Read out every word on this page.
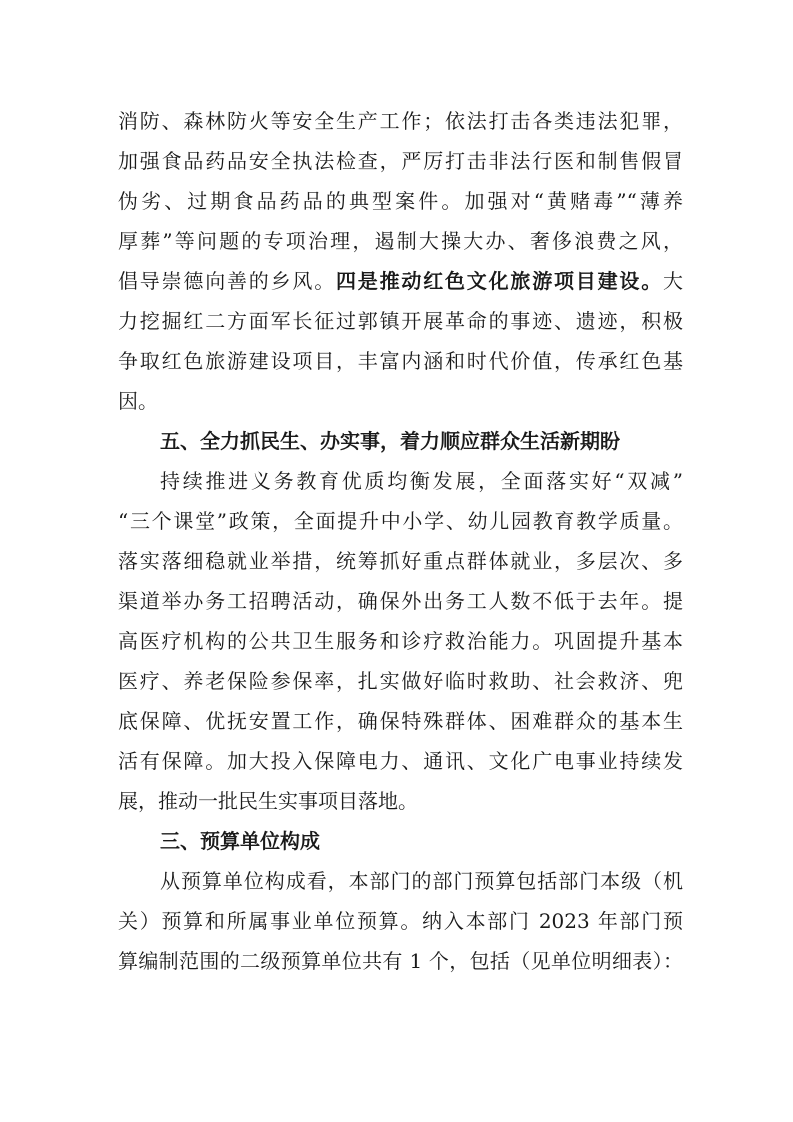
消防、森林防火等安全生产工作；依法打击各类违法犯罪，

加强食品药品安全执法检查，严厉打击非法行医和制售假冒

伪劣、过期食品药品的典型案件。加强对“黄赌毒”“薄养

厚葬”等问题的专项治理，遏制大操大办、奢侈浪费之风，

倡导崇德向善的乡风。四是推动红色文化旅游项目建设。大

力挖掘红二方面军长征过郭镇开展革命的事迹、遗迹，积极

争取红色旅游建设项目，丰富内涵和时代价值，传承红色基

因。

五、全力抓民生、办实事，着力顺应群众生活新期盼

持续推进义务教育优质均衡发展，全面落实好“双减”

“三个课堂”政策，全面提升中小学、幼儿园教育教学质量。

落实落细稳就业举措，统筹抓好重点群体就业，多层次、多

渠道举办务工招聘活动，确保外出务工人数不低于去年。提

高医疗机构的公共卫生服务和诊疗救治能力。巩固提升基本

医疗、养老保险参保率，扎实做好临时救助、社会救济、兜

底保障、优抚安置工作，确保特殊群体、困难群众的基本生

活有保障。加大投入保障电力、通讯、文化广电事业持续发

展，推动一批民生实事项目落地。

三、预算单位构成

从预算单位构成看，本部门的部门预算包括部门本级（机

关）预算和所属事业单位预算。纳入本部门 2023 年部门预

算编制范围的二级预算单位共有 1 个，包括（见单位明细表）：
